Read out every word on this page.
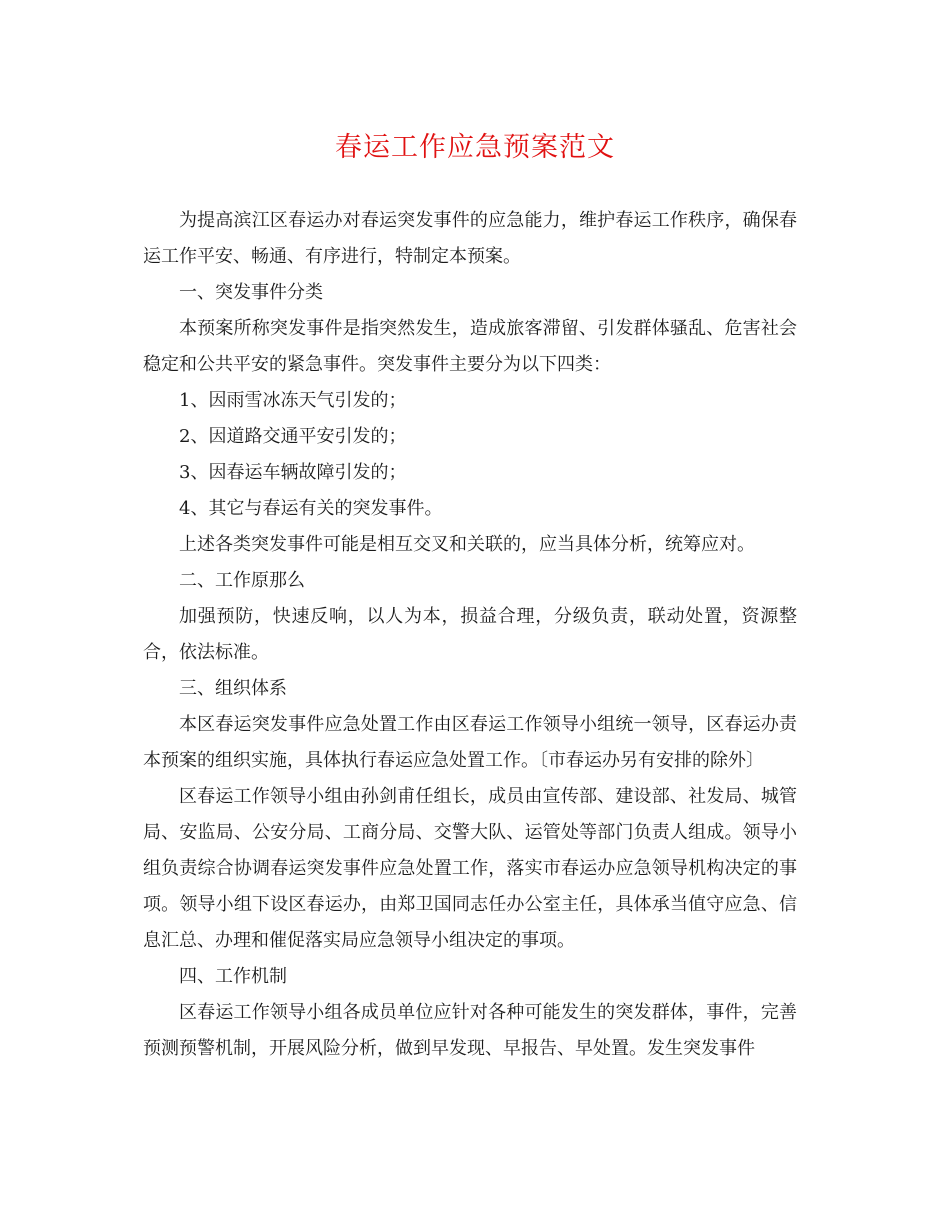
春运工作应急预案范文

为提高滨江区春运办对春运突发事件的应急能力，维护春运工作秩序，确保春运工作平安、畅通、有序进行，特制定本预案。

一、突发事件分类

本预案所称突发事件是指突然发生，造成旅客滞留、引发群体骚乱、危害社会稳定和公共平安的紧急事件。突发事件主要分为以下四类：

1、因雨雪冰冻天气引发的；

2、因道路交通平安引发的；

3、因春运车辆故障引发的；

4、其它与春运有关的突发事件。

上述各类突发事件可能是相互交叉和关联的，应当具体分析，统筹应对。

二、工作原那么

加强预防，快速反响，以人为本，损益合理，分级负责，联动处置，资源整合，依法标准。

三、组织体系

本区春运突发事件应急处置工作由区春运工作领导小组统一领导，区春运办责本预案的组织实施，具体执行春运应急处置工作。〔市春运办另有安排的除外〕

区春运工作领导小组由孙剑甫任组长，成员由宣传部、建设部、社发局、城管局、安监局、公安分局、工商分局、交警大队、运管处等部门负责人组成。领导小组负责综合协调春运突发事件应急处置工作，落实市春运办应急领导机构决定的事项。领导小组下设区春运办，由郑卫国同志任办公室主任，具体承当值守应急、信息汇总、办理和催促落实局应急领导小组决定的事项。

四、工作机制

区春运工作领导小组各成员单位应针对各种可能发生的突发群体，事件，完善预测预警机制，开展风险分析，做到早发现、早报告、早处置。发生突发事件
